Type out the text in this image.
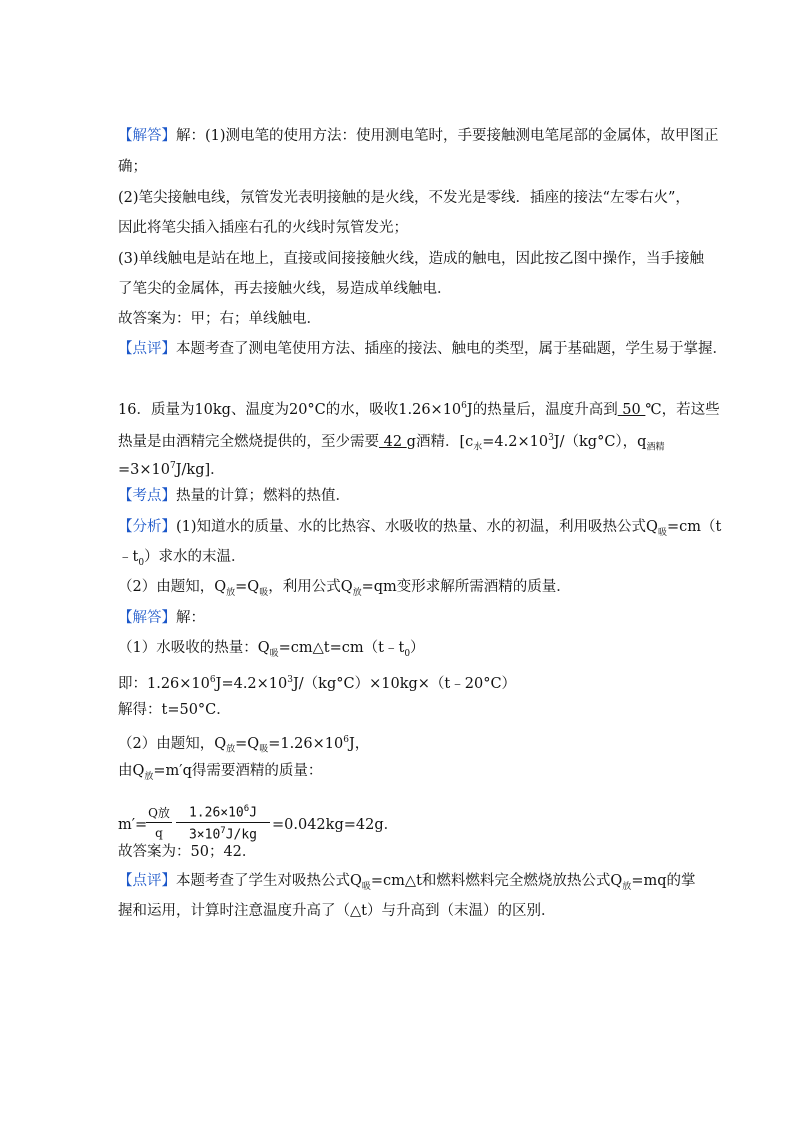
【解答】解：(1)测电笔的使用方法：使用测电笔时，手要接触测电笔尾部的金属体，故甲图正
确；
(2)笔尖接触电线，氖管发光表明接触的是火线，不发光是零线．插座的接法“左零右火”，
因此将笔尖插入插座右孔的火线时氖管发光；
(3)单线触电是站在地上，直接或间接接触火线，造成的触电，因此按乙图中操作，当手接触
了笔尖的金属体，再去接触火线，易造成单线触电．
故答案为：甲；右；单线触电．
【点评】本题考查了测电笔使用方法、插座的接法、触电的类型，属于基础题，学生易于掌握．
16．质量为10kg、温度为20°C的水，吸收$1.26\times 10^6J$的热量后，温度升高到 50 ℃，若这些
热量是由酒精完全燃烧提供的，至少需要 42 g酒精．[$c_水=4.2\times 10^3J/(kg^\circ C)$，$q_{酒精}$
$=3\times 10^7J/kg$]．
【考点】热量的计算；燃料的热值．
【分析】(1)知道水的质量、水的比热容、水吸收的热量、水的初温，利用吸热公式$Q_吸=cm(t$
$﹣t_0$）求水的末温．
（2）由题知，$Q_放=Q_吸$，利用公式$Q_放=qm$变形求解所需酒精的质量．
【解答】解：
（1）水吸收的热量：$Q_吸=cm\triangle t=cm(t﹣t_0)$
即：$1.26\times 10^6J=4.2\times 10^3J/(kg^\circ C)\times 10kg\times(t﹣20^\circ C)$
解得：t=50°C．
（2）由题知，$Q_放=Q_吸=1.26\times 10^6J$，
由$Q_放=m'q$得需要酒精的质量：
m′=
Q放
q
$1.26\times 10^6J$
$3\times 10^7J/kg$
=0.042kg=42g．
故答案为：50；42．
【点评】本题考查了学生对吸热公式$Q_吸=cm\triangle t$和燃料燃料完全燃烧放热公式$Q_放=mq$的掌
握和运用，计算时注意温度升高了（△t）与升高到（末温）的区别．
